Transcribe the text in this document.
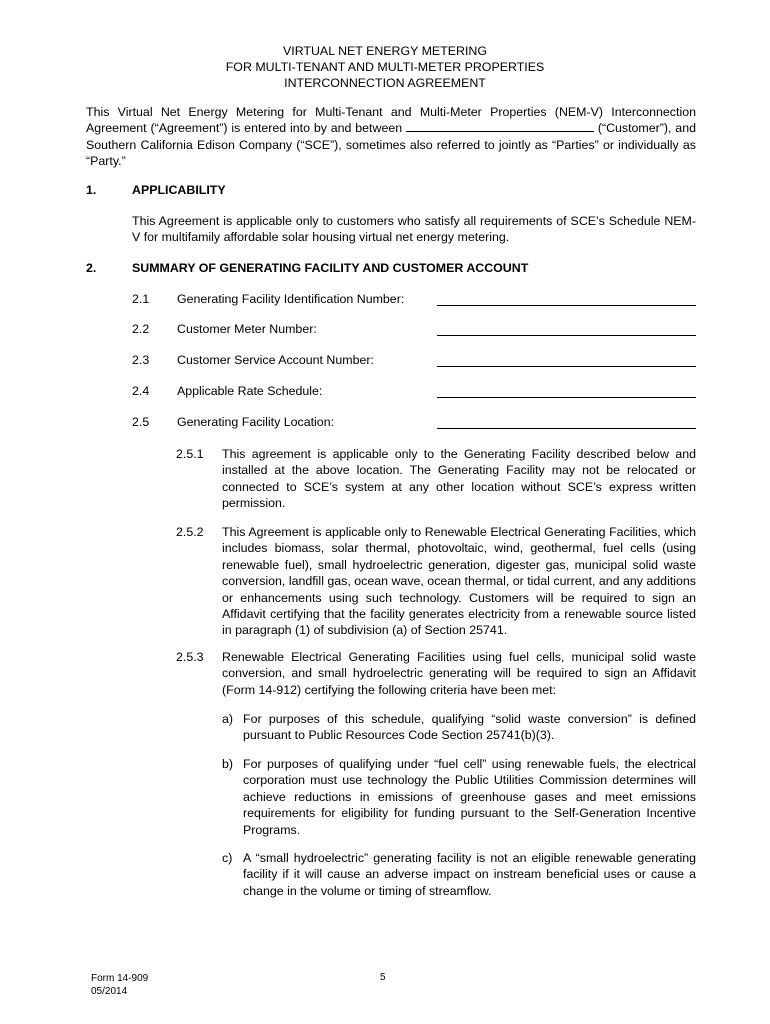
VIRTUAL NET ENERGY METERING
FOR MULTI-TENANT AND MULTI-METER PROPERTIES
INTERCONNECTION AGREEMENT
This Virtual Net Energy Metering for Multi-Tenant and Multi-Meter Properties (NEM-V) Interconnection Agreement (“Agreement”) is entered into by and between	(“Customer”), and Southern California Edison Company (“SCE”), sometimes also referred to jointly as “Parties” or individually as “Party.”
1.	APPLICABILITY
This Agreement is applicable only to customers who satisfy all requirements of SCE’s Schedule NEM-V for multifamily affordable solar housing virtual net energy metering.
2.	SUMMARY OF GENERATING FACILITY AND CUSTOMER ACCOUNT
2.1 Generating Facility Identification Number:
2.2 Customer Meter Number:
2.3 Customer Service Account Number:
2.4 Applicable Rate Schedule:
2.5 Generating Facility Location:
2.5.1 This agreement is applicable only to the Generating Facility described below and installed at the above location. The Generating Facility may not be relocated or connected to SCE’s system at any other location without SCE’s express written permission.
2.5.2 This Agreement is applicable only to Renewable Electrical Generating Facilities, which includes biomass, solar thermal, photovoltaic, wind, geothermal, fuel cells (using renewable fuel), small hydroelectric generation, digester gas, municipal solid waste conversion, landfill gas, ocean wave, ocean thermal, or tidal current, and any additions or enhancements using such technology. Customers will be required to sign an Affidavit certifying that the facility generates electricity from a renewable source listed in paragraph (1) of subdivision (a) of Section 25741.
2.5.3 Renewable Electrical Generating Facilities using fuel cells, municipal solid waste conversion, and small hydroelectric generating will be required to sign an Affidavit (Form 14-912) certifying the following criteria have been met:
a) For purposes of this schedule, qualifying “solid waste conversion” is defined pursuant to Public Resources Code Section 25741(b)(3).
b) For purposes of qualifying under “fuel cell” using renewable fuels, the electrical corporation must use technology the Public Utilities Commission determines will achieve reductions in emissions of greenhouse gases and meet emissions requirements for eligibility for funding pursuant to the Self-Generation Incentive Programs.
c) A “small hydroelectric” generating facility is not an eligible renewable generating facility if it will cause an adverse impact on instream beneficial uses or cause a change in the volume or timing of streamflow.
Form 14-909
05/2014
5
